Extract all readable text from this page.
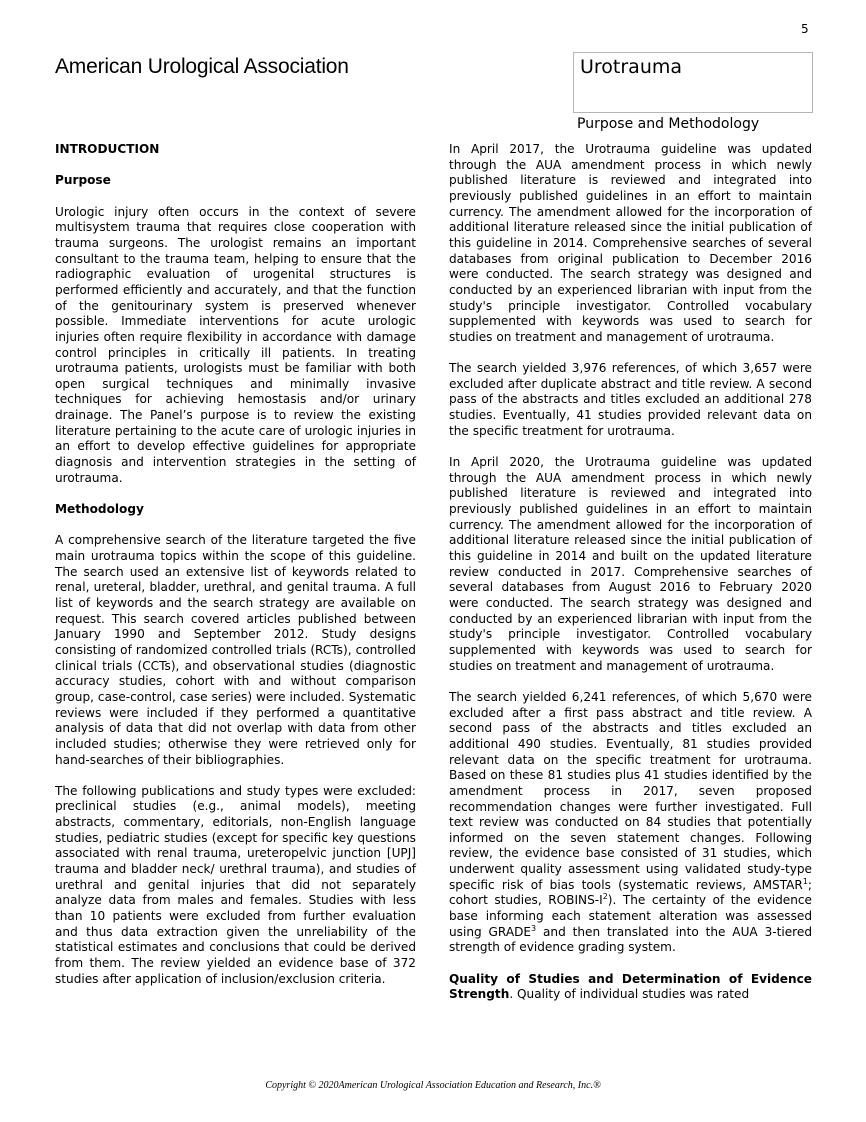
5
American Urological Association	Urotrauma
Purpose and Methodology
INTRODUCTION
Purpose

Urologic injury often occurs in the context of severe multisystem trauma that requires close cooperation with trauma surgeons. The urologist remains an important consultant to the trauma team, helping to ensure that the radiographic evaluation of urogenital structures is performed efficiently and accurately, and that the function of the genitourinary system is preserved whenever possible. Immediate interventions for acute urologic injuries often require flexibility in accordance with damage control principles in critically ill patients. In treating urotrauma patients, urologists must be familiar with both open surgical techniques and minimally invasive techniques for achieving hemostasis and/or urinary drainage. The Panel’s purpose is to review the existing literature pertaining to the acute care of urologic injuries in an effort to develop effective guidelines for appropriate diagnosis and intervention strategies in the setting of urotrauma.

Methodology

A comprehensive search of the literature targeted the five main urotrauma topics within the scope of this guideline. The search used an extensive list of keywords related to renal, ureteral, bladder, urethral, and genital trauma. A full list of keywords and the search strategy are available on request. This search covered articles published between January 1990 and September 2012. Study designs consisting of randomized controlled trials (RCTs), controlled clinical trials (CCTs), and observational studies (diagnostic accuracy studies, cohort with and without comparison group, case-control, case series) were included. Systematic reviews were included if they performed a quantitative analysis of data that did not overlap with data from other included studies; otherwise they were retrieved only for hand-searches of their bibliographies.

The following publications and study types were excluded: preclinical studies (e.g., animal models), meeting abstracts, commentary, editorials, non-English language studies, pediatric studies (except for specific key questions associated with renal trauma, ureteropelvic junction [UPJ] trauma and bladder neck/ urethral trauma), and studies of urethral and genital injuries that did not separately analyze data from males and females. Studies with less than 10 patients were excluded from further evaluation and thus data extraction given the unreliability of the statistical estimates and conclusions that could be derived from them. The review yielded an evidence base of 372 studies after application of inclusion/exclusion criteria.

In April 2017, the Urotrauma guideline was updated through the AUA amendment process in which newly published literature is reviewed and integrated into previously published guidelines in an effort to maintain currency. The amendment allowed for the incorporation of additional literature released since the initial publication of this guideline in 2014. Comprehensive searches of several databases from original publication to December 2016 were conducted. The search strategy was designed and conducted by an experienced librarian with input from the study's principle investigator. Controlled vocabulary supplemented with keywords was used to search for studies on treatment and management of urotrauma.

The search yielded 3,976 references, of which 3,657 were excluded after duplicate abstract and title review. A second pass of the abstracts and titles excluded an additional 278 studies. Eventually, 41 studies provided relevant data on the specific treatment for urotrauma.

In April 2020, the Urotrauma guideline was updated through the AUA amendment process in which newly published literature is reviewed and integrated into previously published guidelines in an effort to maintain currency. The amendment allowed for the incorporation of additional literature released since the initial publication of this guideline in 2014 and built on the updated literature review conducted in 2017. Comprehensive searches of several databases from August 2016 to February 2020 were conducted. The search strategy was designed and conducted by an experienced librarian with input from the study's principle investigator. Controlled vocabulary supplemented with keywords was used to search for studies on treatment and management of urotrauma.

The search yielded 6,241 references, of which 5,670 were excluded after a first pass abstract and title review. A second pass of the abstracts and titles excluded an additional 490 studies. Eventually, 81 studies provided relevant data on the specific treatment for urotrauma. Based on these 81 studies plus 41 studies identified by the amendment process in 2017, seven proposed recommendation changes were further investigated. Full text review was conducted on 84 studies that potentially informed on the seven statement changes. Following review, the evidence base consisted of 31 studies, which underwent quality assessment using validated study-type specific risk of bias tools (systematic reviews, AMSTAR$^1$; cohort studies, ROBINS-$I^2$). The certainty of the evidence base informing each statement alteration was assessed using GRADE$^3$ and then translated into the AUA 3-tiered strength of evidence grading system.

Quality of Studies and Determination of Evidence Strength. Quality of individual studies was rated

Copyright © 2020American Urological Association Education and Research, Inc.®
